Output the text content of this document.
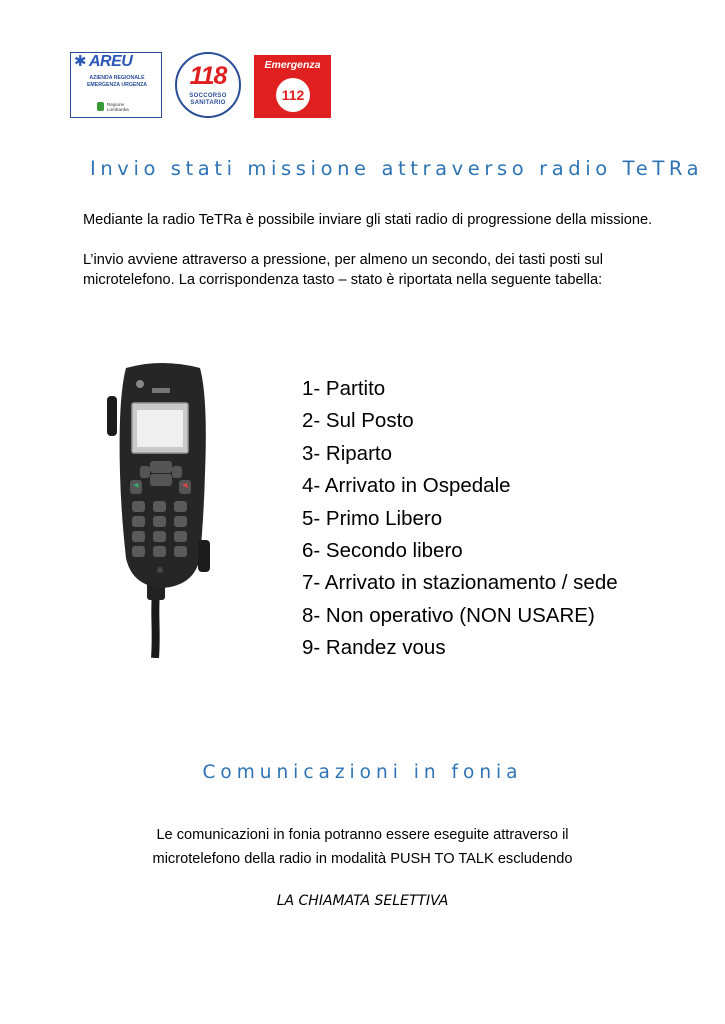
✱ AREU
AZIENDA REGIONALE
EMERGENZA URGENZA
Regione
Lombardia
118
SOCCORSO
SANITARIO
Emergenza
112
Invio stati missione attraverso radio TeTRa
Mediante la radio TeTRa è possibile inviare gli stati radio di progressione della missione.
L’invio avviene attraverso a pressione, per almeno un secondo, dei tasti posti sul microtelefono. La corrispondenza tasto – stato è riportata nella seguente tabella:
1- Partito
2- Sul Posto
3- Riparto
4- Arrivato in Ospedale
5- Primo Libero
6- Secondo libero
7- Arrivato in stazionamento / sede
8- Non operativo (NON USARE)
9- Randez vous
Comunicazioni in fonia
Le comunicazioni in fonia potranno essere eseguite attraverso il microtelefono della radio in modalità PUSH TO TALK escludendo
LA CHIAMATA SELETTIVA
